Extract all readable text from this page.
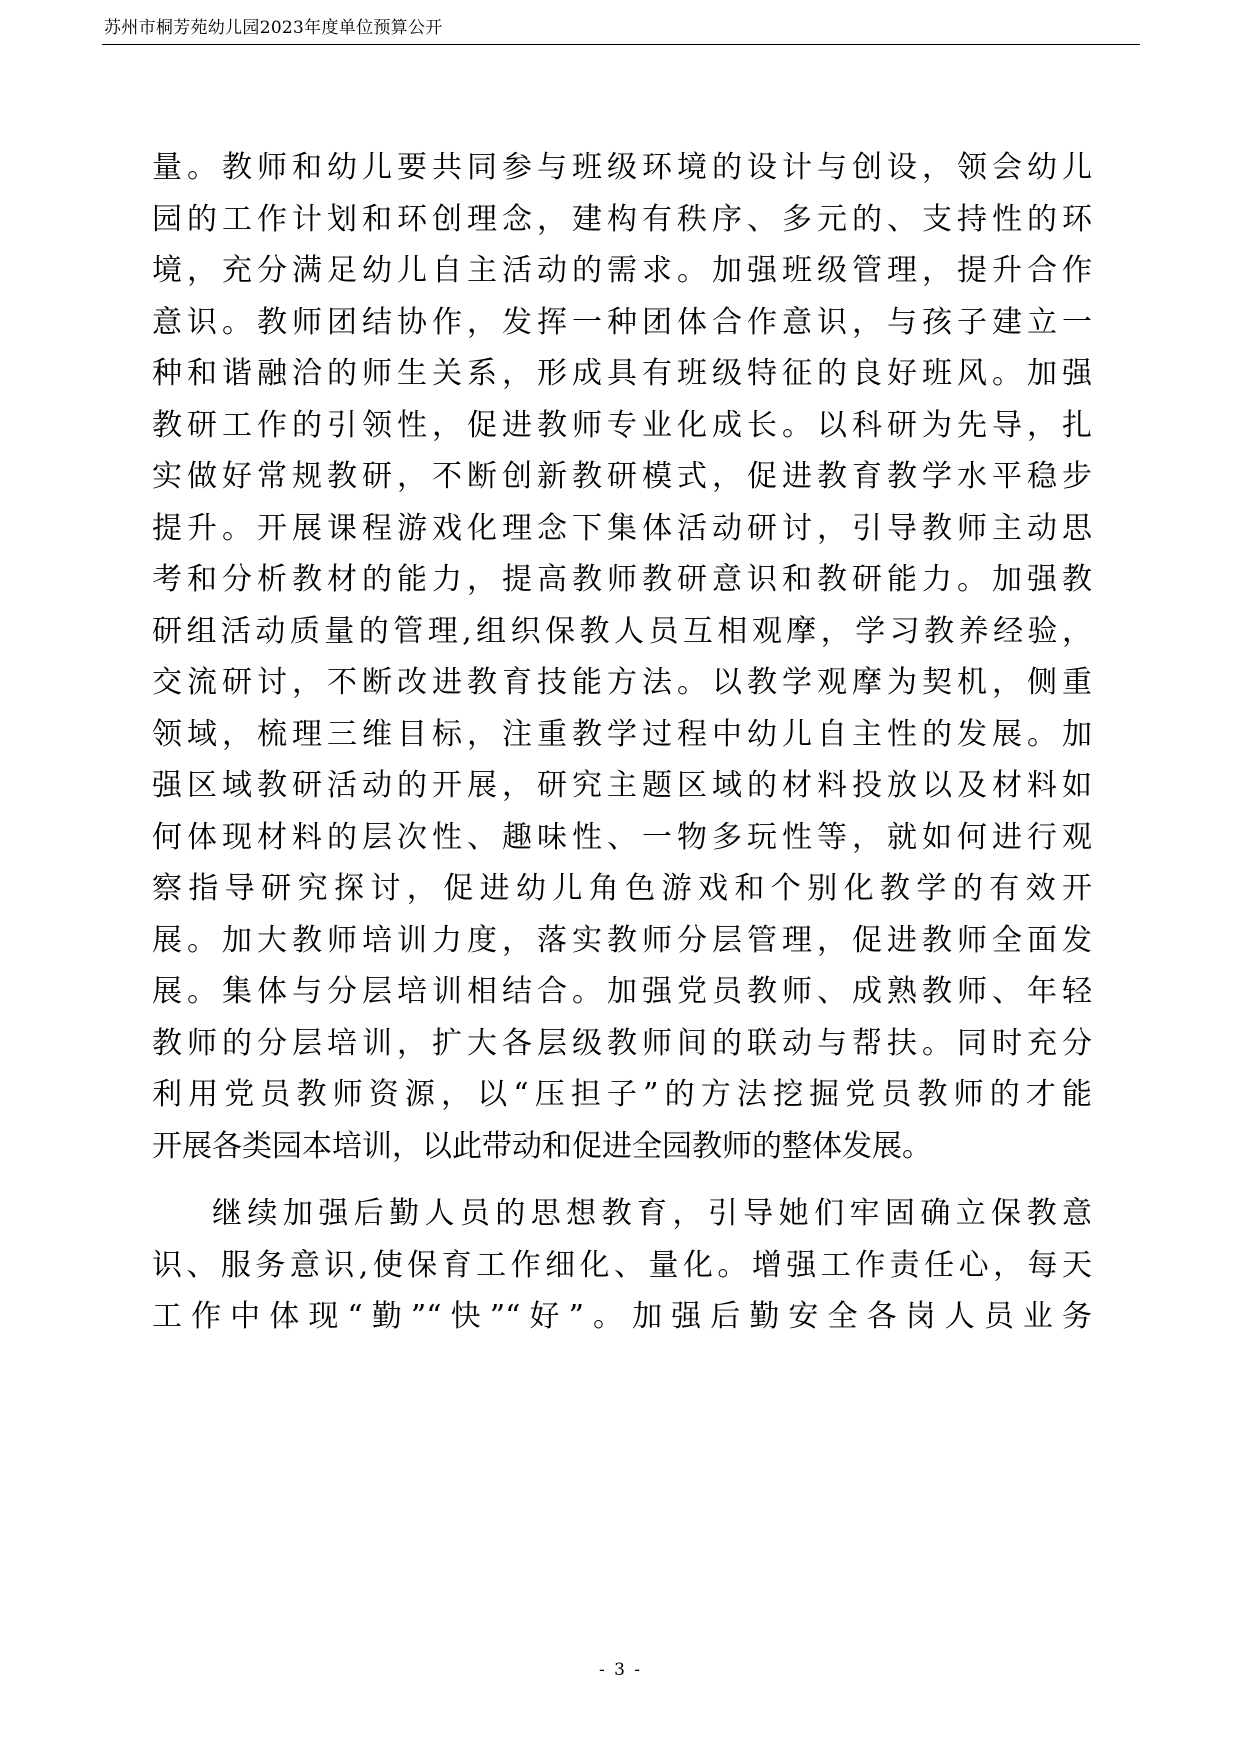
苏州市桐芳苑幼儿园2023年度单位预算公开
量。教师和幼儿要共同参与班级环境的设计与创设，领会幼儿
园的工作计划和环创理念，建构有秩序、多元的、支持性的环
境，充分满足幼儿自主活动的需求。加强班级管理，提升合作
意识。教师团结协作，发挥一种团体合作意识，与孩子建立一
种和谐融洽的师生关系，形成具有班级特征的良好班风。加强
教研工作的引领性，促进教师专业化成长。以科研为先导，扎
实做好常规教研，不断创新教研模式，促进教育教学水平稳步
提升。开展课程游戏化理念下集体活动研讨，引导教师主动思
考和分析教材的能力，提高教师教研意识和教研能力。加强教
研组活动质量的管理,组织保教人员互相观摩，学习教养经验，
交流研讨，不断改进教育技能方法。以教学观摩为契机，侧重
领域，梳理三维目标，注重教学过程中幼儿自主性的发展。加
强区域教研活动的开展，研究主题区域的材料投放以及材料如
何体现材料的层次性、趣味性、一物多玩性等，就如何进行观
察指导研究探讨，促进幼儿角色游戏和个别化教学的有效开
展。加大教师培训力度，落实教师分层管理，促进教师全面发
展。集体与分层培训相结合。加强党员教师、成熟教师、年轻
教师的分层培训，扩大各层级教师间的联动与帮扶。同时充分
利用党员教师资源，以“压担子”的方法挖掘党员教师的才能
开展各类园本培训，以此带动和促进全园教师的整体发展。
继续加强后勤人员的思想教育，引导她们牢固确立保教意
识、服务意识,使保育工作细化、量化。增强工作责任心，每天
工作中体现“勤”“快”“好”。加强后勤安全各岗人员业务
- 3 -
